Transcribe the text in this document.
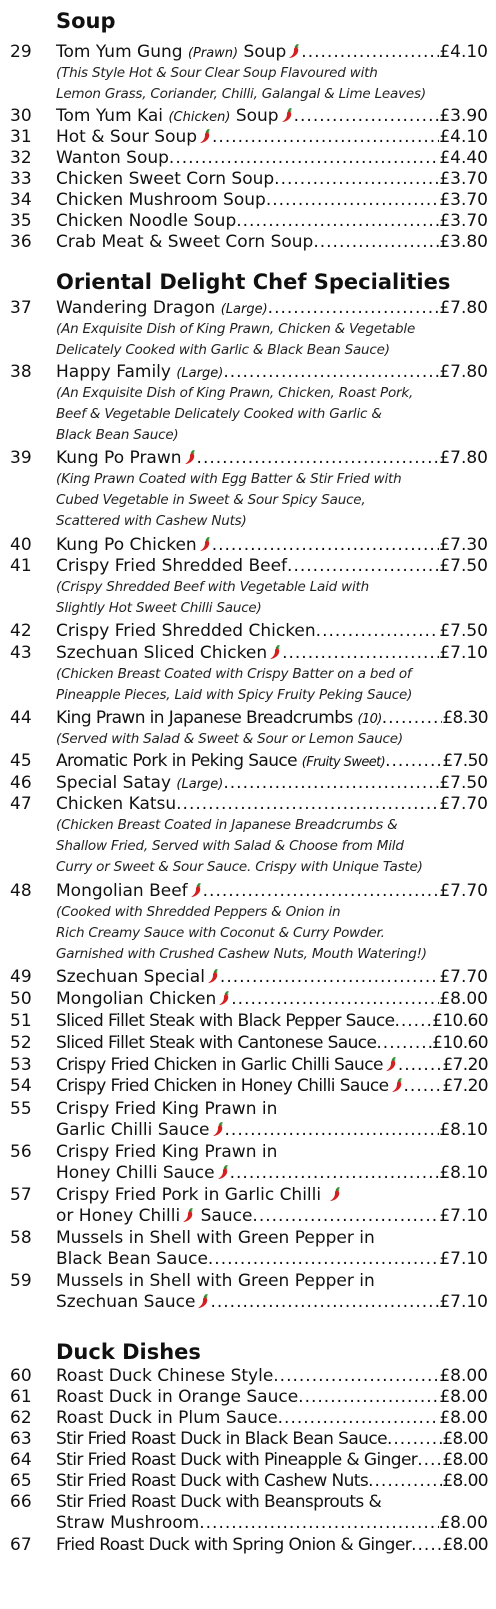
Soup
29 Tom Yum Gung (Prawn) Soup .....	£4.10
(This Style Hot & Sour Clear Soup Flavoured with
Lemon Grass, Coriander, Chilli, Galangal & Lime Leaves)
30 Tom Yum Kai (Chicken) Soup .....	£3.90
31 Hot & Sour Soup .....	£4.10
32 Wanton Soup .....	£4.40
33 Chicken Sweet Corn Soup .....	£3.70
34 Chicken Mushroom Soup .....	£3.70
35 Chicken Noodle Soup .....	£3.70
36 Crab Meat & Sweet Corn Soup .....	£3.80
Oriental Delight Chef Specialities
37 Wandering Dragon (Large) .....	£7.80
(An Exquisite Dish of King Prawn, Chicken & Vegetable
Delicately Cooked with Garlic & Black Bean Sauce)
38 Happy Family (Large) .....	£7.80
(An Exquisite Dish of King Prawn, Chicken, Roast Pork,
Beef & Vegetable Delicately Cooked with Garlic &
Black Bean Sauce)
39 Kung Po Prawn .....	£7.80
(King Prawn Coated with Egg Batter & Stir Fried with
Cubed Vegetable in Sweet & Sour Spicy Sauce,
Scattered with Cashew Nuts)
40 Kung Po Chicken .....	£7.30
41 Crispy Fried Shredded Beef .....	£7.50
(Crispy Shredded Beef with Vegetable Laid with
Slightly Hot Sweet Chilli Sauce)
42 Crispy Fried Shredded Chicken .....	£7.50
43 Szechuan Sliced Chicken .....	£7.10
(Chicken Breast Coated with Crispy Batter on a bed of
Pineapple Pieces, Laid with Spicy Fruity Peking Sauce)
44 King Prawn in Japanese Breadcrumbs (10) .....	£8.30
(Served with Salad & Sweet & Sour or Lemon Sauce)
45 Aromatic Pork in Peking Sauce (Fruity Sweet) .....	£7.50
46 Special Satay (Large) .....	£7.50
47 Chicken Katsu .....	£7.70
(Chicken Breast Coated in Japanese Breadcrumbs &
Shallow Fried, Served with Salad & Choose from Mild
Curry or Sweet & Sour Sauce. Crispy with Unique Taste)
48 Mongolian Beef .....	£7.70
(Cooked with Shredded Peppers & Onion in
Rich Creamy Sauce with Coconut & Curry Powder.
Garnished with Crushed Cashew Nuts, Mouth Watering!)
49 Szechuan Special .....	£7.70
50 Mongolian Chicken .....	£8.00
51 Sliced Fillet Steak with Black Pepper Sauce ..... £10.60
52 Sliced Fillet Steak with Cantonese Sauce .....	£10.60
53 Crispy Fried Chicken in Garlic Chilli Sauce .....	£7.20
54 Crispy Fried Chicken in Honey Chilli Sauce .....	£7.20
55 Crispy Fried King Prawn in
Garlic Chilli Sauce .....	£8.10
56 Crispy Fried King Prawn in
Honey Chilli Sauce .....	£8.10
57 Crispy Fried Pork in Garlic Chilli
or Honey Chilli Sauce .....	£7.10
58 Mussels in Shell with Green Pepper in
Black Bean Sauce .....	£7.10
59 Mussels in Shell with Green Pepper in
Szechuan Sauce .....	£7.10
Duck Dishes
60 Roast Duck Chinese Style .....	£8.00
61 Roast Duck in Orange Sauce .....	£8.00
62 Roast Duck in Plum Sauce .....	£8.00
63 Stir Fried Roast Duck in Black Bean Sauce .....	£8.00
64 Stir Fried Roast Duck with Pineapple & Ginger ..... £8.00
65 Stir Fried Roast Duck with Cashew Nuts .....	£8.00
66 Stir Fried Roast Duck with Beansprouts &
Straw Mushroom .....	£8.00
67 Fried Roast Duck with Spring Onion & Ginger ..... £8.00
